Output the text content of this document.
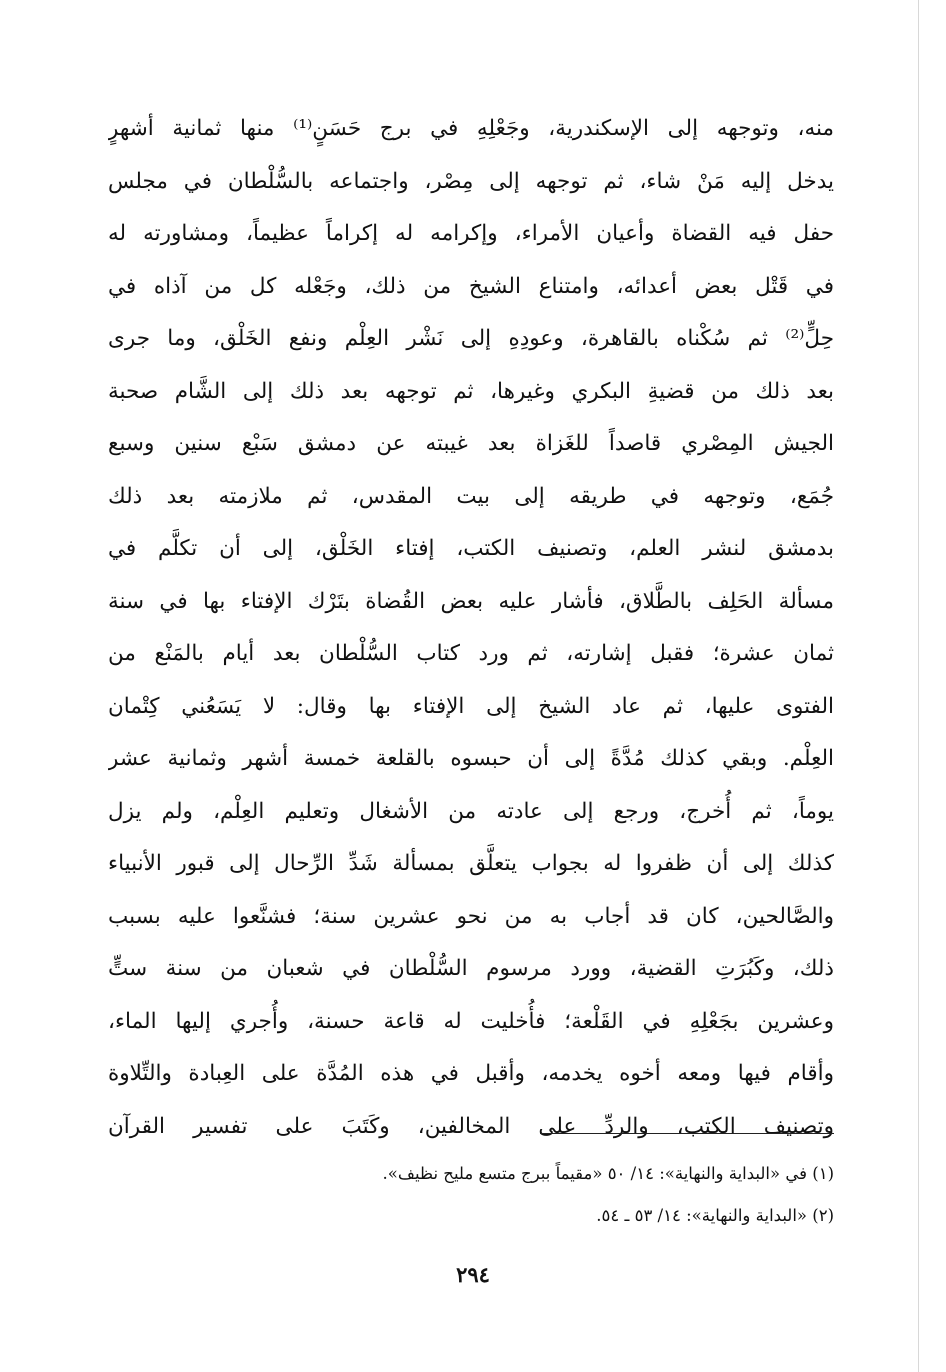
منه، وتوجهه إلى الإسكندرية، وجَعْلِهِ في برج حَسَنٍ⁽¹⁾ منها ثمانية أشهرٍ
يدخل إليه مَنْ شاء، ثم توجهه إلى مِصْر، واجتماعه بالسُّلْطان في مجلس
حفل فيه القضاة وأعيان الأمراء، وإكرامه له إكراماً عظيماً، ومشاورته له
في قَتْل بعض أعدائه، وامتناع الشيخ من ذلك، وجَعْله كل من آذاه في
حِلٍّ⁽²⁾ ثم سُكْناه بالقاهرة، وعودِهِ إلى نَشْر العِلْم ونفع الخَلْق، وما جرى
بعد ذلك من قضيةِ البكري وغيرها، ثم توجهه بعد ذلك إلى الشَّام صحبة
الجيش المِصْري قاصداً للغَزاة بعد غيبته عن دمشق سَبْع سنين وسبع
جُمَع، وتوجهه في طريقه إلى بيت المقدس، ثم ملازمته بعد ذلك
بدمشق لنشر العلم، وتصنيف الكتب، إفتاء الخَلْق، إلى أن تكلَّم في
مسألة الحَلِف بالطَّلاق، فأشار عليه بعض القُضاة بتَرْك الإفتاء بها في سنة
ثمان عشرة؛ فقبل إشارته، ثم ورد كتاب السُّلْطان بعد أيام بالمَنْع من
الفتوى عليها، ثم عاد الشيخ إلى الإفتاء بها وقال: لا يَسَعُني كِتْمان
العِلْم. وبقي كذلك مُدَّةً إلى أن حبسوه بالقلعة خمسة أشهر وثمانية عشر
يوماً، ثم أُخرج، ورجع إلى عادته من الأشغال وتعليم العِلْم، ولم يزل
كذلك إلى أن ظفروا له بجواب يتعلَّق بمسألة شَدِّ الرِّحال إلى قبور الأنبياء
والصَّالحين، كان قد أجاب به من نحو عشرين سنة؛ فشنَّعوا عليه بسبب
ذلك، وكَبُرَتِ القضية، وورد مرسوم السُّلْطان في شعبان من سنة ستٍّ
وعشرين بجَعْلِهِ في القَلْعة؛ فأُخليت له قاعة حسنة، وأُجري إليها الماء،
وأقام فيها ومعه أخوه يخدمه، وأقبل في هذه المُدَّة على العِبادة والتِّلاوة
وتصنيف الكتب، والردِّ على المخالفين، وكَتَبَ على تفسير القرآن
(١) في «البداية والنهاية»: ١٤/ ٥٠ «مقيماً ببرج متسع مليح نظيف».
(٢) «البداية والنهاية»: ١٤/ ٥٣ ـ ٥٤.
٢٩٤
